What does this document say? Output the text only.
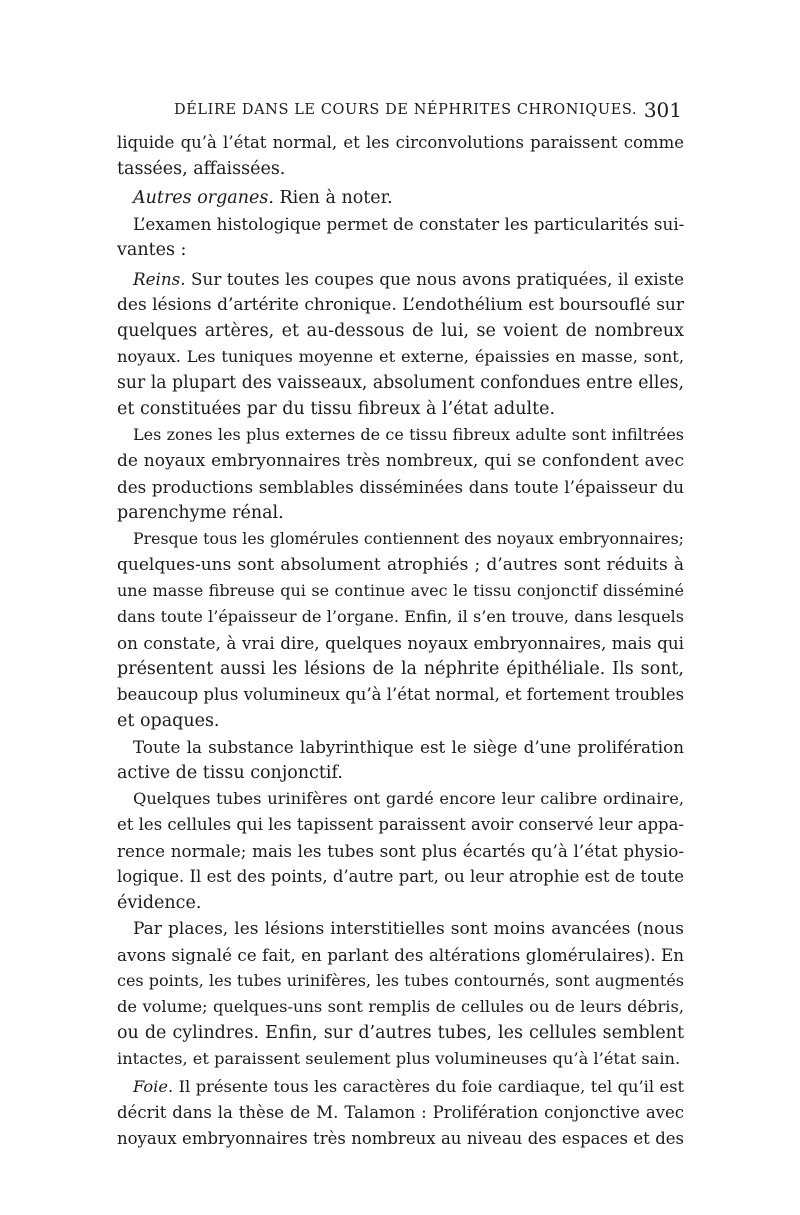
DÉLIRE DANS LE COURS DE NÉPHRITES CHRONIQUES. 301
liquide qu’à l’état normal, et les circonvolutions paraissent comme
tassées, affaissées.
Autres organes. Rien à noter.
L’examen histologique permet de constater les particularités sui-
vantes :
Reins. Sur toutes les coupes que nous avons pratiquées, il existe
des lésions d’artérite chronique. L’endothélium est boursouflé sur
quelques artères, et au-dessous de lui, se voient de nombreux
noyaux. Les tuniques moyenne et externe, épaissies en masse, sont,
sur la plupart des vaisseaux, absolument confondues entre elles,
et constituées par du tissu fibreux à l’état adulte.
Les zones les plus externes de ce tissu fibreux adulte sont infiltrées
de noyaux embryonnaires très nombreux, qui se confondent avec
des productions semblables disséminées dans toute l’épaisseur du
parenchyme rénal.
Presque tous les glomérules contiennent des noyaux embryonnaires;
quelques-uns sont absolument atrophiés ; d’autres sont réduits à
une masse fibreuse qui se continue avec le tissu conjonctif disséminé
dans toute l’épaisseur de l’organe. Enfin, il s’en trouve, dans lesquels
on constate, à vrai dire, quelques noyaux embryonnaires, mais qui
présentent aussi les lésions de la néphrite épithéliale. Ils sont,
beaucoup plus volumineux qu’à l’état normal, et fortement troubles
et opaques.
Toute la substance labyrinthique est le siège d’une prolifération
active de tissu conjonctif.
Quelques tubes urinifères ont gardé encore leur calibre ordinaire,
et les cellules qui les tapissent paraissent avoir conservé leur appa-
rence normale; mais les tubes sont plus écartés qu’à l’état physio-
logique. Il est des points, d’autre part, ou leur atrophie est de toute
évidence.
Par places, les lésions interstitielles sont moins avancées (nous
avons signalé ce fait, en parlant des altérations glomérulaires). En
ces points, les tubes urinifères, les tubes contournés, sont augmentés
de volume; quelques-uns sont remplis de cellules ou de leurs débris,
ou de cylindres. Enfin, sur d’autres tubes, les cellules semblent
intactes, et paraissent seulement plus volumineuses qu’à l’état sain.
Foie. Il présente tous les caractères du foie cardiaque, tel qu’il est
décrit dans la thèse de M. Talamon : Prolifération conjonctive avec
noyaux embryonnaires très nombreux au niveau des espaces et des
